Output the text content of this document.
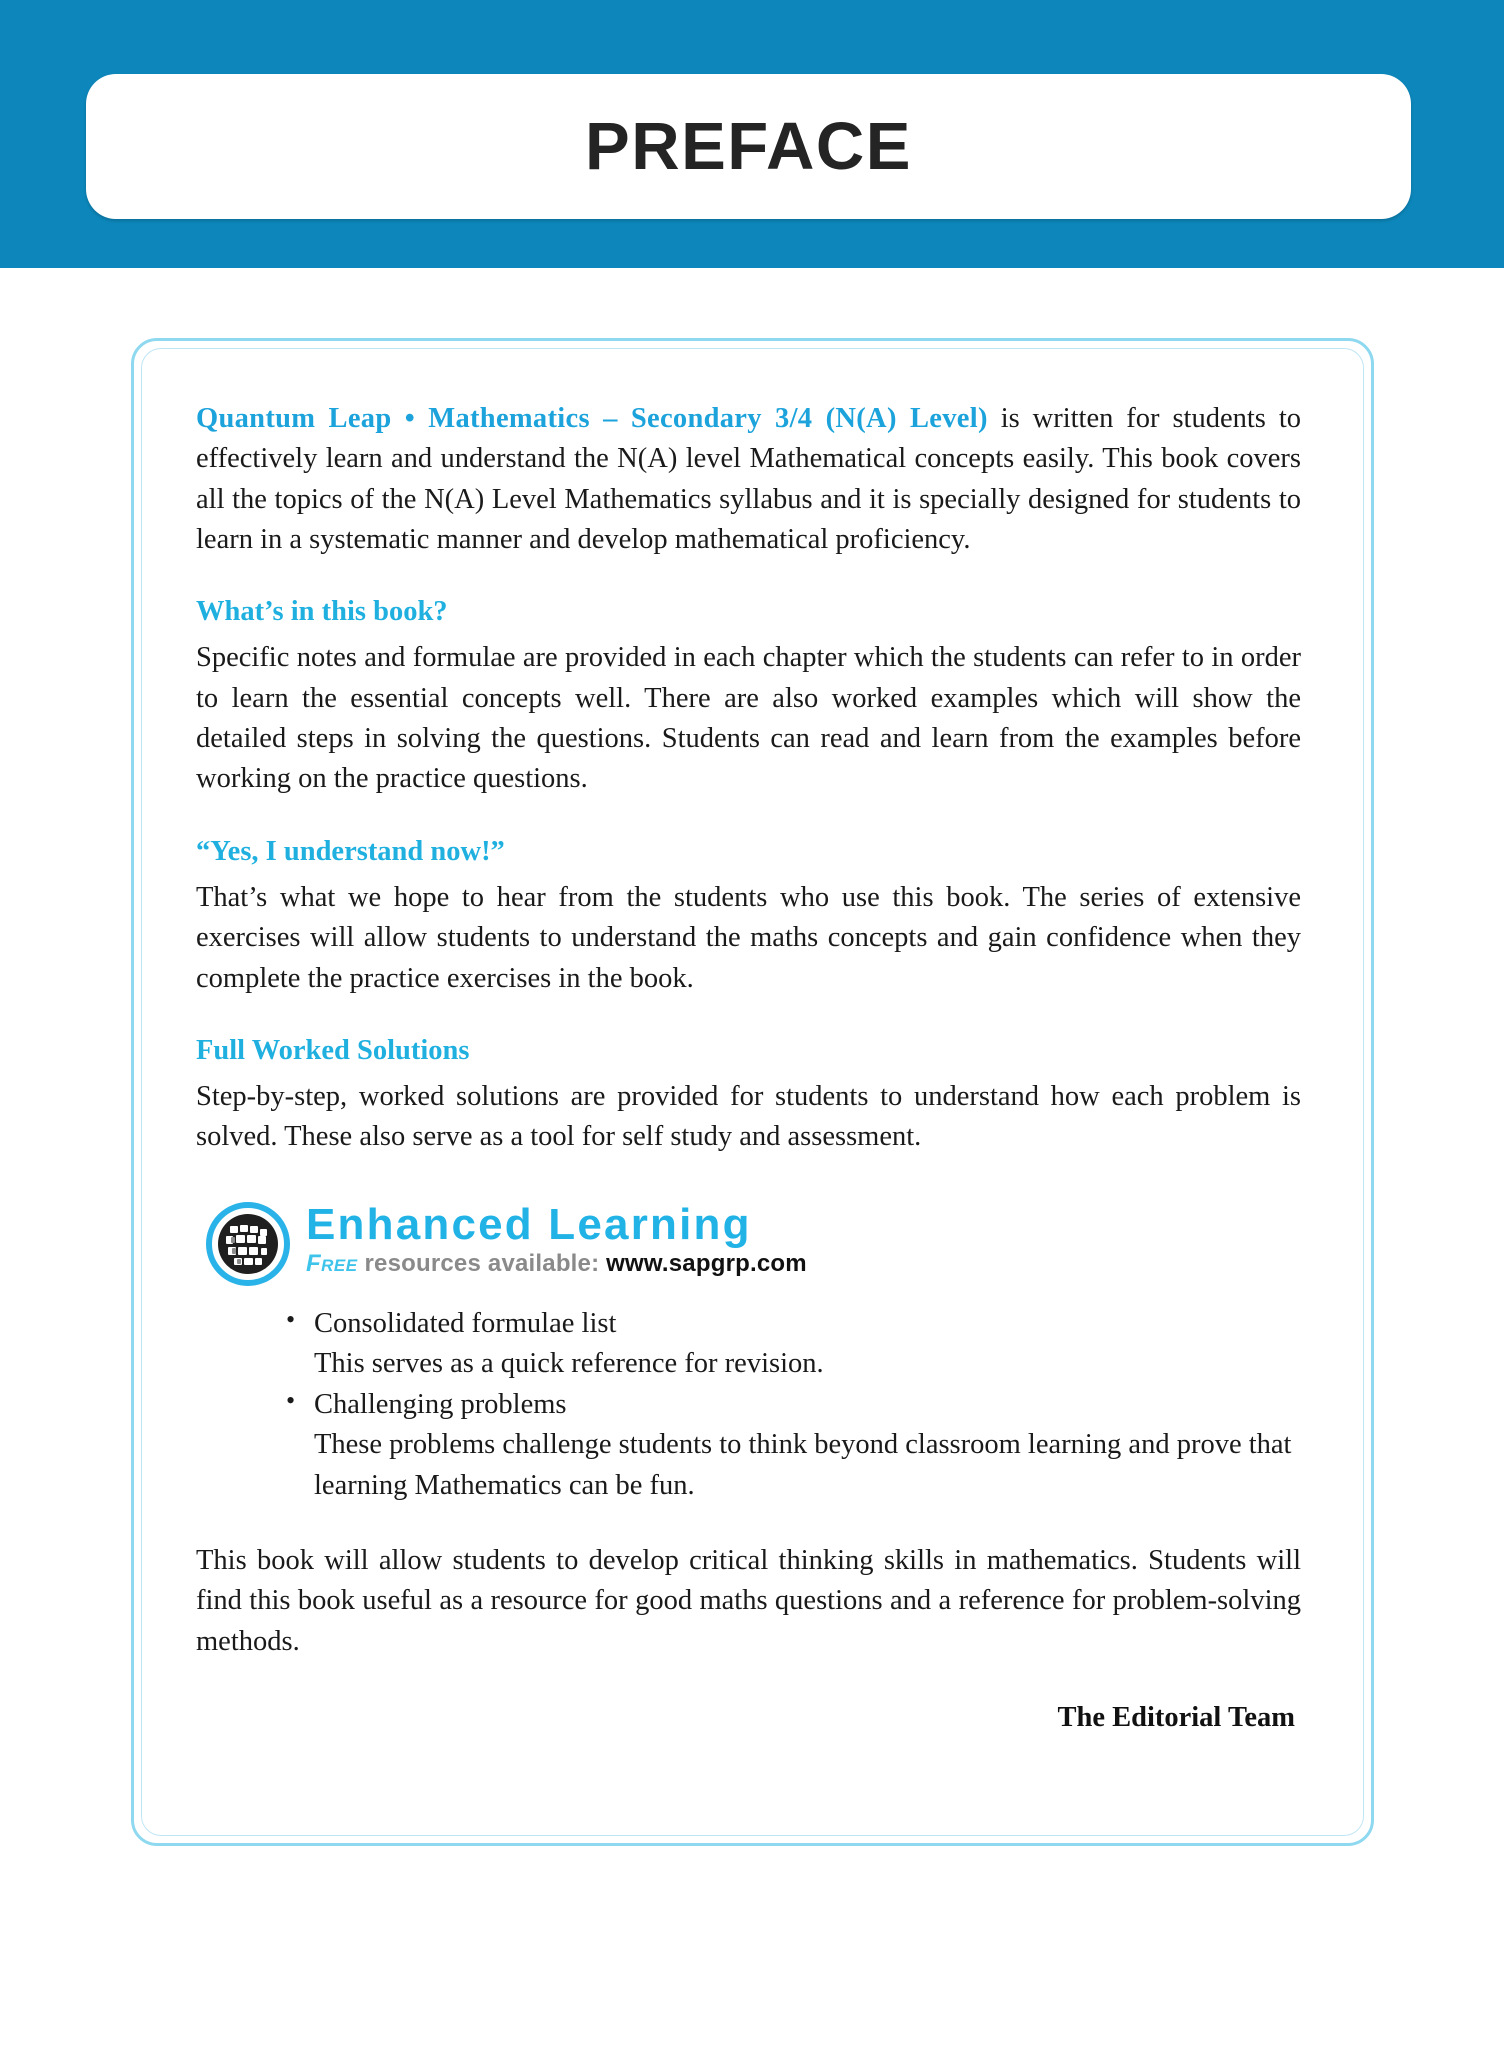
PREFACE

Quantum Leap • Mathematics – Secondary 3/4 (N(A) Level) is written for students to effectively learn and understand the N(A) level Mathematical concepts easily. This book covers all the topics of the N(A) Level Mathematics syllabus and it is specially designed for students to learn in a systematic manner and develop mathematical proficiency.

What’s in this book?

Specific notes and formulae are provided in each chapter which the students can refer to in order to learn the essential concepts well. There are also worked examples which will show the detailed steps in solving the questions. Students can read and learn from the examples before working on the practice questions.

“Yes, I understand now!”

That’s what we hope to hear from the students who use this book. The series of extensive exercises will allow students to understand the maths concepts and gain confidence when they complete the practice exercises in the book.

Full Worked Solutions

Step-by-step, worked solutions are provided for students to understand how each problem is solved. These also serve as a tool for self study and assessment.

Enhanced Learning
Free resources available: www.sapgrp.com
• Consolidated formulae list
This serves as a quick reference for revision.
• Challenging problems
These problems challenge students to think beyond classroom learning and prove that learning Mathematics can be fun.

This book will allow students to develop critical thinking skills in mathematics. Students will find this book useful as a resource for good maths questions and a reference for problem-solving methods.

The Editorial Team
